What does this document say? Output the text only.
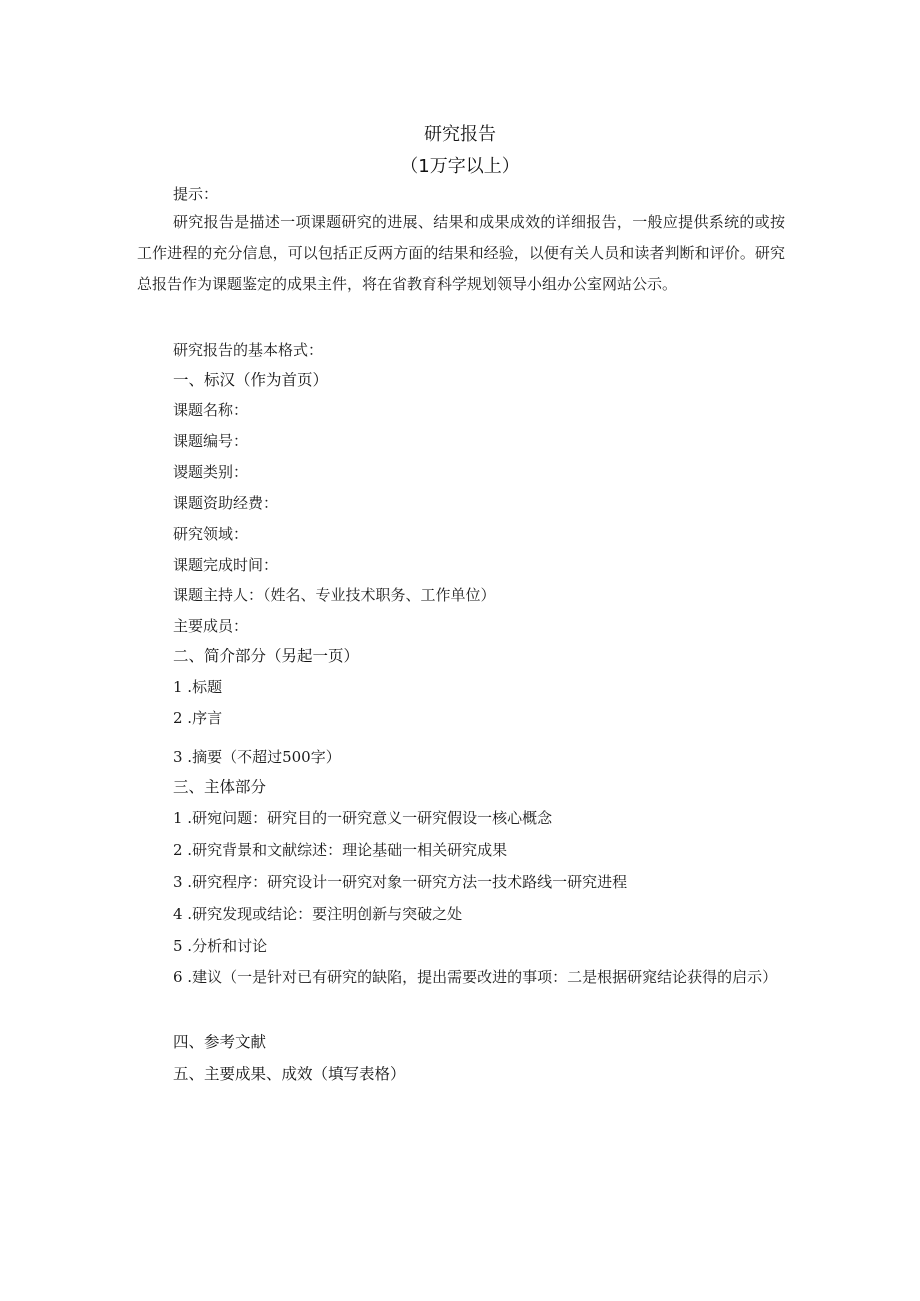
研究报告
（1万字以上）
提示：
研究报告是描述一项课题研究的进展、结果和成果成效的详细报告，一般应提供系统的或按工作进程的充分信息，可以包括正反两方面的结果和经验，以便有关人员和读者判断和评价。研究总报告作为课题鉴定的成果主件，将在省教育科学规划领导小组办公室网站公示。
研究报告的基本格式：
一、标汉（作为首页）
课题名称：
课题编号：
谡题类别：
课题资助经费：
研究领域：
课题完成时间：
课题主持人：（姓名、专业技术职务、工作单位）
主要成员：
二、简介部分（另起一页）
1 .标题
2 .序言
3 .摘要（不超过500字）
三、主体部分
1 .研宛问题：研究目的一研究意义一研究假设一核心概念
2 .研究背景和文献综述：理论基础一相关研究成果
3 .研究程序：研究设计一研究对象一研究方法一技术路线一研究进程
4 .研究发现或结论：要注明创新与突破之处
5 .分析和讨论
6 .建议（一是针对已有研究的缺陷，提出需要改进的事项：二是根据研窕结论获得的启示）
四、参考文献
五、主要成果、成效（填写表格）
